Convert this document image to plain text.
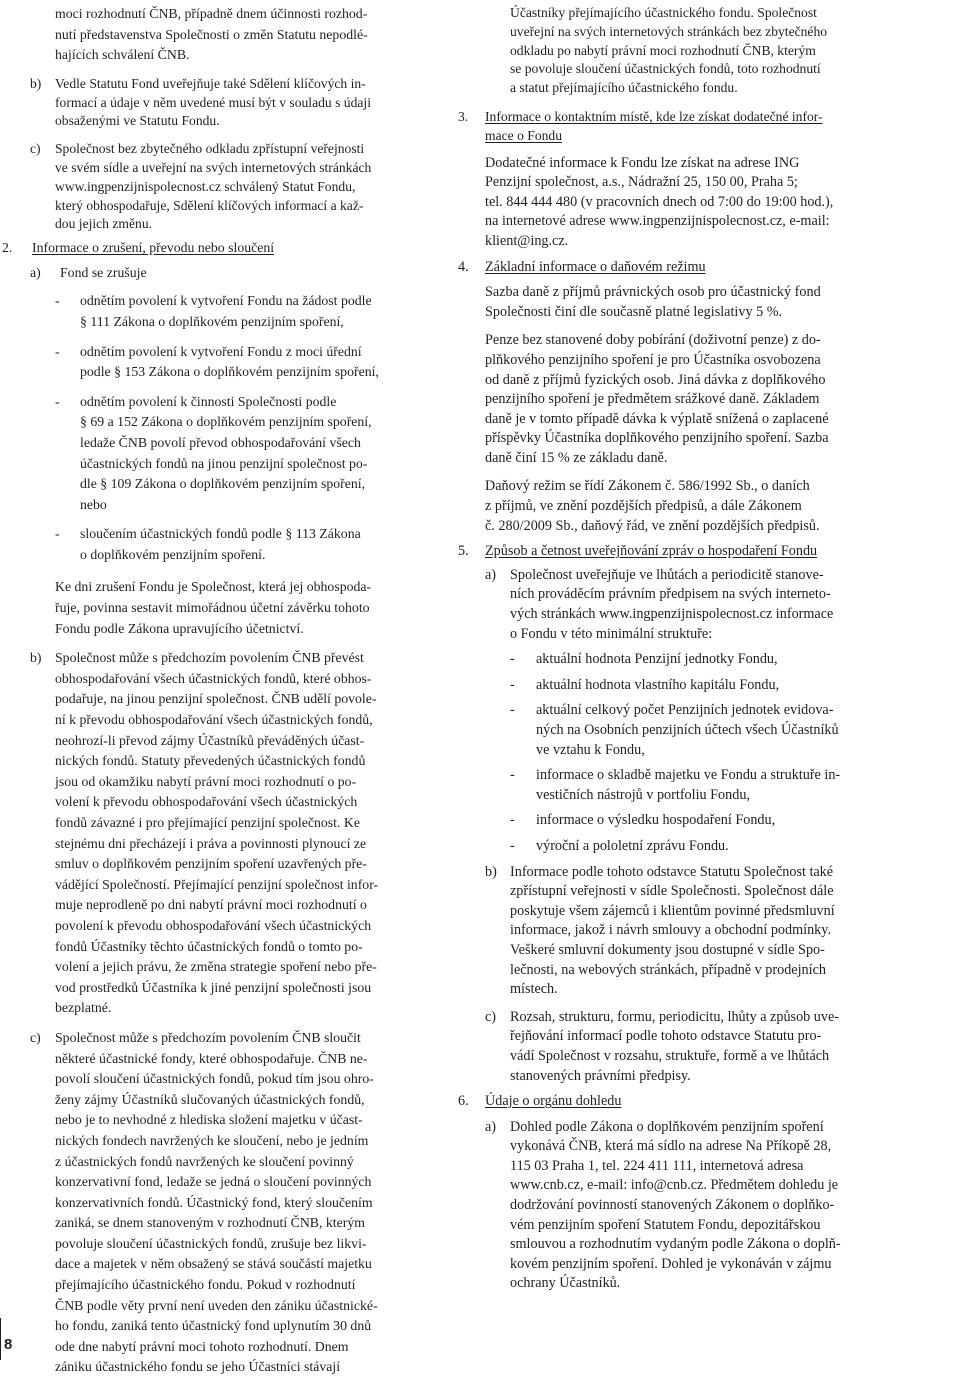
moci rozhodnutí ČNB, případně dnem účinnosti rozhod-

nutí představenstva Společnosti o změn Statutu nepodlé-

hajících schválení ČNB.

b)	Vedle Statutu Fond uveřejňuje také Sdělení klíčových in-

formací a údaje v něm uvedené musí být v souladu s údaji

obsaženými ve Statutu Fondu.

c)	Společnost bez zbytečného odkladu zpřístupní veřejnosti

ve svém sídle a uveřejní na svých internetových stránkách

www.ingpenzijnispolecnost.cz schválený Statut Fondu,

který obhospodařuje, Sdělení klíčových informací a kaž-

dou jejich změnu.

2.	Informace o zrušení, převodu nebo sloučení
a)	Fond se zrušuje
-	odnětím povolení k vytvoření Fondu na žádost podle

§ 111 Zákona o doplňkovém penzijním spoření,

-	odnětím povolení k vytvoření Fondu z moci úřední

podle § 153 Zákona o doplňkovém penzijním spoření,

-	odnětím povolení k činnosti Společnosti podle

§ 69 a 152 Zákona o doplňkovém penzijním spoření,

ledaže ČNB povolí převod obhospodařování všech

účastnických fondů na jinou penzijní společnost po-

dle § 109 Zákona o doplňkovém penzijním spoření,

nebo

-	sloučením účastnických fondů podle § 113 Zákona

o doplňkovém penzijním spoření.

Ke dni zrušení Fondu je Společnost, která jej obhospoda-

řuje, povinna sestavit mimořádnou účetní závěrku tohoto

Fondu podle Zákona upravujícího účetnictví.

b) Společnost může s předchozím povolením ČNB převést

obhospodařování všech účastnických fondů, které obhos-

podařuje, na jinou penzijní společnost. ČNB udělí povole-

ní k převodu obhospodařování všech účastnických fondů,

neohrozí-li převod zájmy Účastníků převáděných účast-

nických fondů. Statuty převedených účastnických fondů

jsou od okamžiku nabytí právní moci rozhodnutí o po-

volení k převodu obhospodařování všech účastnických

fondů závazné i pro přejímající penzijní společnost. Ke

stejnému dni přecházejí i práva a povinnosti plynoucí ze

smluv o doplňkovém penzijním spoření uzavřených pře-

vádějící Společností. Přejímající penzijní společnost infor-

muje neprodleně po dni nabytí právní moci rozhodnutí o

povolení k převodu obhospodařování všech účastnických

fondů Účastníky těchto účastnických fondů o tomto po-

volení a jejich právu, že změna strategie spoření nebo pře-

vod prostředků Účastníka k jiné penzijní společnosti jsou

bezplatné.

c)	Společnost může s předchozím povolením ČNB sloučit

některé účastnické fondy, které obhospodařuje. ČNB ne-

povolí sloučení účastnických fondů, pokud tím jsou ohro-

ženy zájmy Účastníků slučovaných účastnických fondů,

nebo je to nevhodné z hlediska složení majetku v účast-

nických fondech navržených ke sloučení, nebo je jedním

z účastnických fondů navržených ke sloučení povinný

konzervativní fond, ledaže se jedná o sloučení povinných

konzervativních fondů. Účastnický fond, který sloučením

zaniká, se dnem stanoveným v rozhodnutí ČNB, kterým

povoluje sloučení účastnických fondů, zrušuje bez likvi-

dace a majetek v něm obsažený se stává součástí majetku

přejímajícího účastnického fondu. Pokud v rozhodnutí

ČNB podle věty první není uveden den zániku účastnické-

ho fondu, zaniká tento účastnický fond uplynutím 30 dnů

ode dne nabytí právní moci tohoto rozhodnutí. Dnem

zániku účastnického fondu se jeho Účastníci stávají

Účastníky přejímajícího účastnického fondu. Společnost

uveřejní na svých internetových stránkách bez zbytečného

odkladu po nabytí právní moci rozhodnutí ČNB, kterým

se povoluje sloučení účastnických fondů, toto rozhodnutí

a statut přejímajícího účastnického fondu.

3.	Informace o kontaktním místě, kde lze získat dodatečné infor-

mace o Fondu

Dodatečné informace k Fondu lze získat na adrese ING

Penzijní společnost, a.s., Nádražní 25, 150 00, Praha 5;

tel. 844 444 480 (v pracovních dnech od 7:00 do 19:00 hod.),

na internetové adrese www.ingpenzijnispolecnost.cz, e-mail:

klient@ing.cz.

4.	Základní informace o daňovém režimu

Sazba daně z příjmů právnických osob pro účastnický fond

Společnosti činí dle současně platné legislativy 5 %.

Penze bez stanovené doby pobírání (doživotní penze) z do-

plňkového penzijního spoření je pro Účastníka osvobozena

od daně z příjmů fyzických osob. Jiná dávka z doplňkového

penzijního spoření je předmětem srážkové daně. Základem

daně je v tomto případě dávka k výplatě snížená o zaplacené

příspěvky Účastníka doplňkového penzijního spoření. Sazba

daně činí 15 % ze základu daně.

Daňový režim se řídí Zákonem č. 586/1992 Sb., o daních

z příjmů, ve znění pozdějších předpisů, a dále Zákonem

č. 280/2009 Sb., daňový řád, ve znění pozdějších předpisů.

5.	Způsob a četnost uveřejňování zpráv o hospodaření Fondu
a) Společnost uveřejňuje ve lhůtách a periodicitě stanove-

ních prováděcím právním předpisem na svých interneto-

vých stránkách www.ingpenzijnispolecnost.cz informace

o Fondu v této minimální struktuře:

-	aktuální hodnota Penzijní jednotky Fondu,

-	aktuální hodnota vlastního kapitálu Fondu,

-	aktuální celkový počet Penzijních jednotek evidova-

ných na Osobních penzijních účtech všech Účastníků

ve vztahu k Fondu,

-	informace o skladbě majetku ve Fondu a struktuře in-

vestičních nástrojů v portfoliu Fondu,

-	informace o výsledku hospodaření Fondu,

-	výroční a pololetní zprávu Fondu.

b) Informace podle tohoto odstavce Statutu Společnost také

zpřístupní veřejnosti v sídle Společnosti. Společnost dále

poskytuje všem zájemců i klientům povinné předsmluvní

informace, jakož i návrh smlouvy a obchodní podmínky.

Veškeré smluvní dokumenty jsou dostupné v sídle Spo-

lečnosti, na webových stránkách, případně v prodejních

místech.

c) Rozsah, strukturu, formu, periodicitu, lhůty a způsob uve-

řejňování informací podle tohoto odstavce Statutu pro-

vádí Společnost v rozsahu, struktuře, formě a ve lhůtách

stanovených právními předpisy.

6.	Údaje o orgánu dohledu
a) Dohled podle Zákona o doplňkovém penzijním spoření

vykonává ČNB, která má sídlo na adrese Na Příkopě 28,

115 03 Praha 1, tel. 224 411 111, internetová adresa

www.cnb.cz, e-mail: info@cnb.cz. Předmětem dohledu je

dodržování povinností stanovených Zákonem o doplňko-

vém penzijním spoření Statutem Fondu, depozitářskou

smlouvou a rozhodnutím vydaným podle Zákona o doplň-

kovém penzijním spoření. Dohled je vykonáván v zájmu

ochrany Účastníků.

8
